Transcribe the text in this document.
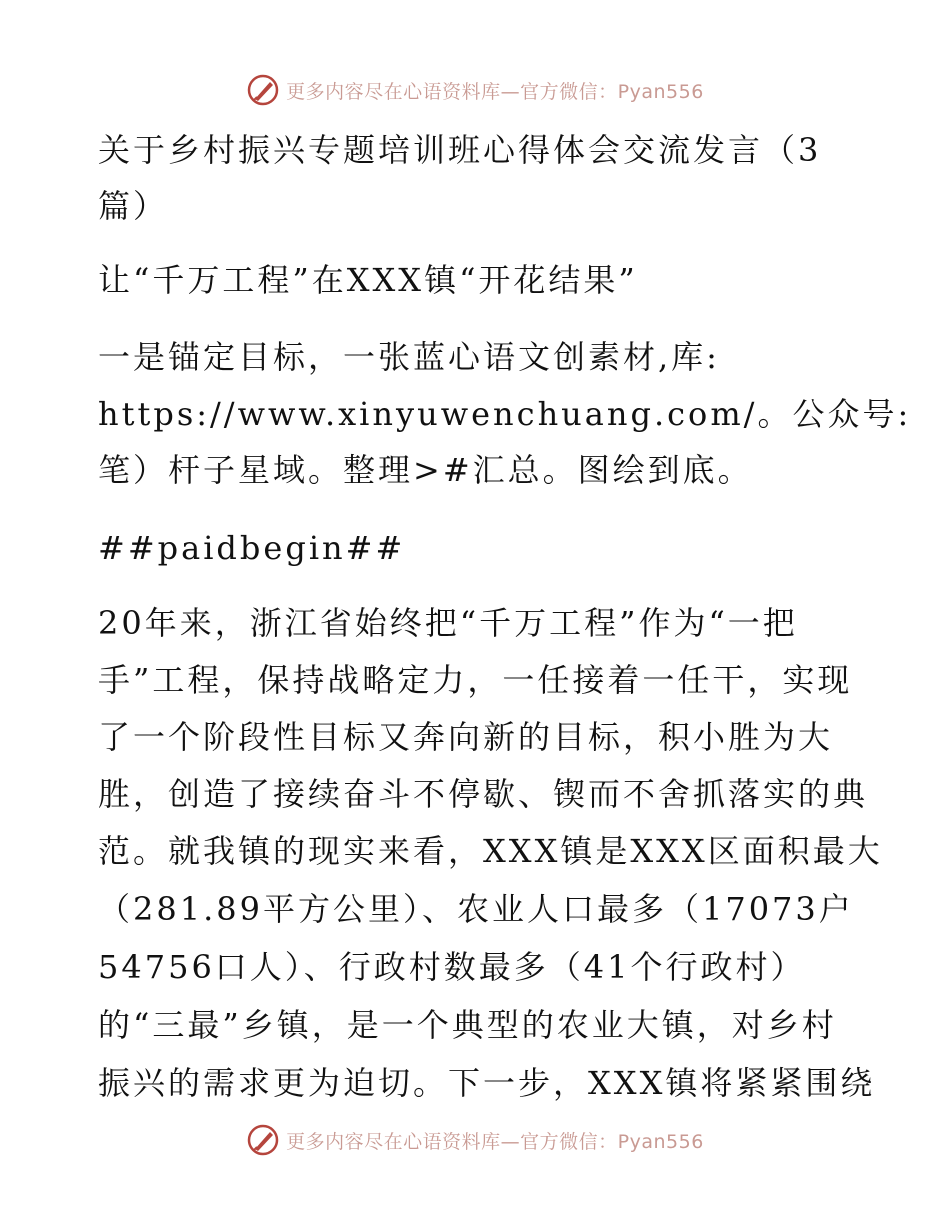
更多内容尽在心语资料库—官方微信：Pyan556
关于乡村振兴专题培训班心得体会交流发言（3
篇）
让“千万工程”在XXX镇“开花结果”
一是锚定目标，一张蓝心语文创素材,库:
https://www.xinyuwenchuang.com/。公众号:
笔）杆子星域。整理>#汇总。图绘到底。
##paidbegin##
20年来，浙江省始终把“千万工程”作为“一把
手”工程，保持战略定力，一任接着一任干，实现
了一个阶段性目标又奔向新的目标，积小胜为大
胜，创造了接续奋斗不停歇、锲而不舍抓落实的典
范。就我镇的现实来看，XXX镇是XXX区面积最大
（281.89平方公里）、农业人口最多（17073户
54756口人）、行政村数最多（41个行政村）
的“三最”乡镇，是一个典型的农业大镇，对乡村
振兴的需求更为迫切。下一步，XXX镇将紧紧围绕
更多内容尽在心语资料库—官方微信：Pyan556
